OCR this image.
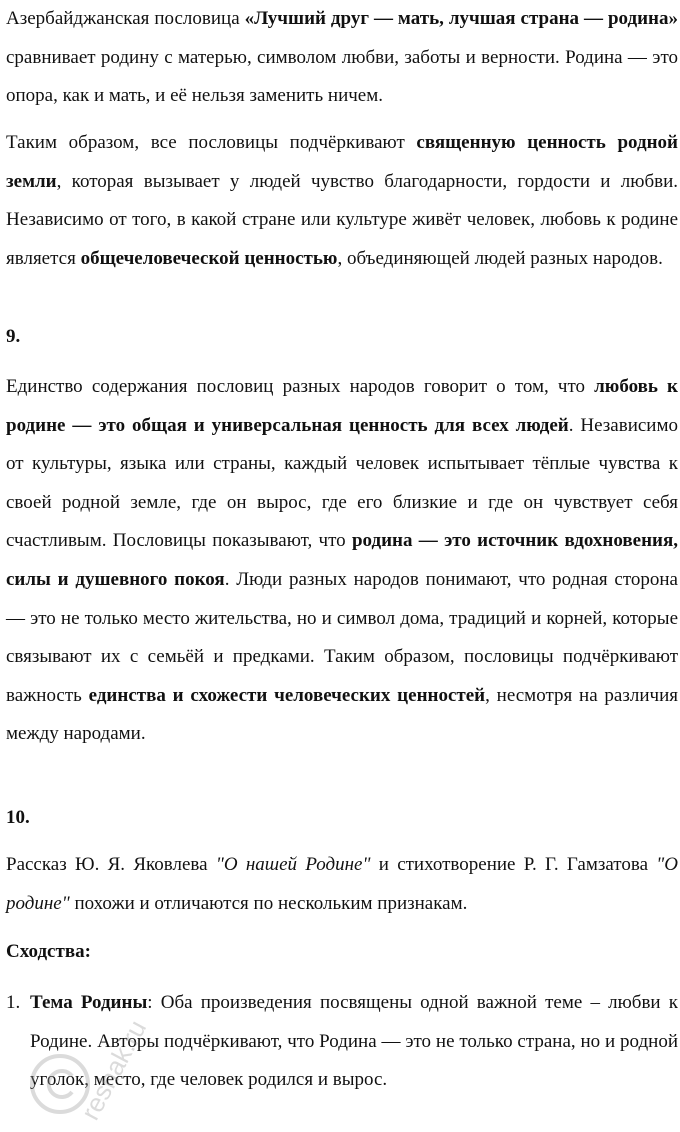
Азербайджанская пословица «Лучший друг — мать, лучшая страна — родина» сравнивает родину с матерью, символом любви, заботы и верности. Родина — это опора, как и мать, и её нельзя заменить ничем.

Таким образом, все пословицы подчёркивают священную ценность родной земли, которая вызывает у людей чувство благодарности, гордости и любви. Независимо от того, в какой стране или культуре живёт человек, любовь к родине является общечеловеческой ценностью, объединяющей людей разных народов.

9.

Единство содержания пословиц разных народов говорит о том, что любовь к родине — это общая и универсальная ценность для всех людей. Независимо от культуры, языка или страны, каждый человек испытывает тёплые чувства к своей родной земле, где он вырос, где его близкие и где он чувствует себя счастливым. Пословицы показывают, что родина — это источник вдохновения, силы и душевного покоя. Люди разных народов понимают, что родная сторона — это не только место жительства, но и символ дома, традиций и корней, которые связывают их с семьёй и предками. Таким образом, пословицы подчёркивают важность единства и схожести человеческих ценностей, несмотря на различия между народами.

10.

Рассказ Ю. Я. Яковлева "О нашей Родине" и стихотворение Р. Г. Гамзатова "О родине" похожи и отличаются по нескольким признакам.

Сходства:

1. Тема Родины: Оба произведения посвящены одной важной теме – любви к Родине. Авторы подчёркивают, что Родина — это не только страна, но и родной уголок, место, где человек родился и вырос.

reshak.ru
